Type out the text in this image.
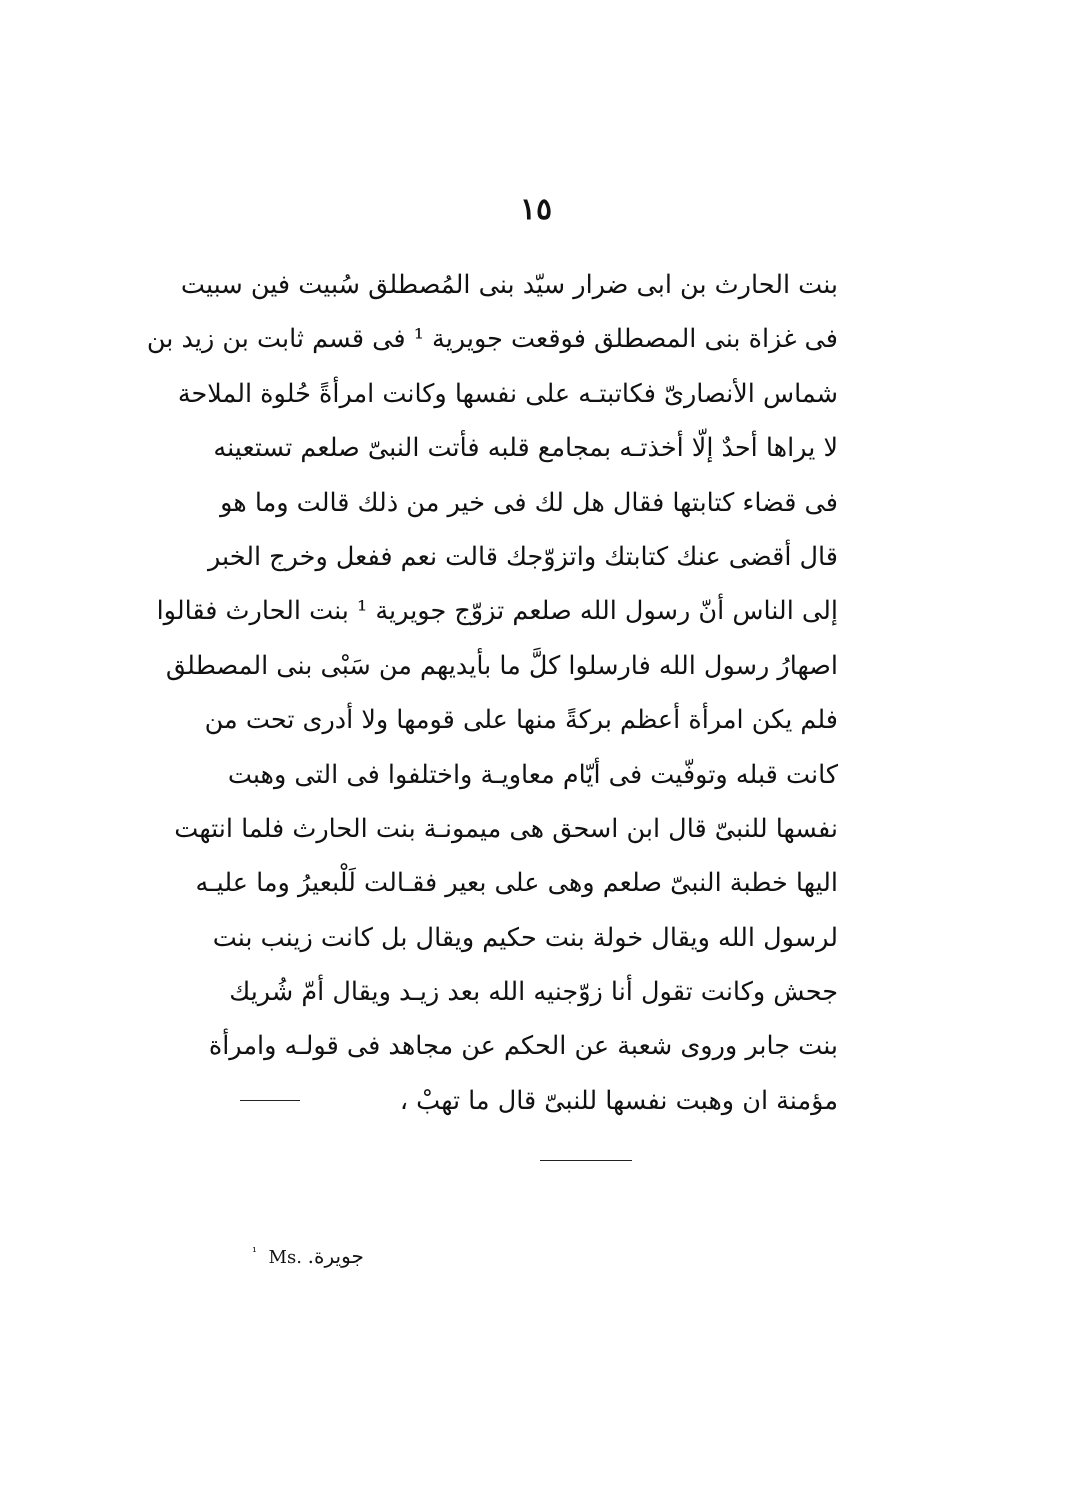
١٥
بنت الحارث بن ابى ضرار سيّد بنى المُصطلق سُبيت فين سبيت
فى غزاة بنى المصطلق فوقعت جويرية ¹ فى قسم ثابت بن زيد بن
شماس الأنصارىّ فكاتبتـه على نفسها وكانت امرأةً حُلوة الملاحة
لا يراها أحدٌ إلّا أخذتـه بمجامع قلبه فأتت النبىّ صلعم تستعينه
فى قضاء كتابتها فقال هل لك فى خير من ذلك قالت وما هو
قال أقضى عنك كتابتك واتزوّجك قالت نعم ففعل وخرج الخبر
إلى الناس أنّ رسول الله صلعم تزوّج جويرية ¹ بنت الحارث فقالوا
اصهارُ رسول الله فارسلوا كلَّ ما بأيديهم من سَبْى بنى المصطلق
فلم يكن امرأة أعظم بركةً منها على قومها ولا أدرى تحت من
كانت قبله وتوفّيت فى أيّام معاويـة واختلفوا فى التى وهبت
نفسها للنبىّ قال ابن اسحق هى ميمونـة بنت الحارث فلما انتهت
اليها خطبة النبىّ صلعم وهى على بعير فقـالت لَلْبعيرُ وما عليـه
لرسول الله ويقال خولة بنت حكيم ويقال بل كانت زينب بنت
جحش وكانت تقول أنا زوّجنيه الله بعد زيـد ويقال أمّ شُريك
بنت جابر وروى شعبة عن الحكم عن مجاهد فى قولـه وامرأة
مؤمنة ان وهبت نفسها للنبىّ قال ما تهبْ ،
$^{^1}$ Ms. جويرة.
